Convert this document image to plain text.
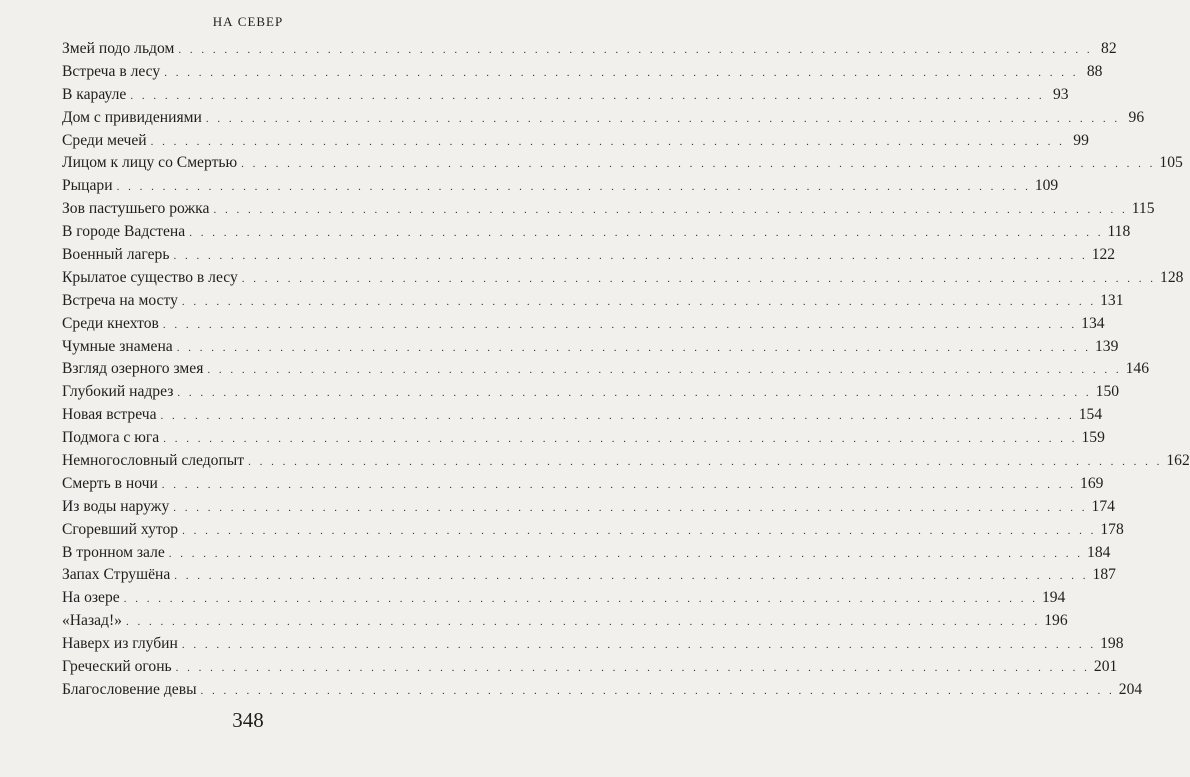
НА СЕВЕР
Змей подо льдом . . . . . . . . . . . . . . . . . . . . . . . . . . . . . . . . . . . . . . . . . . . . . . . . . . . . . . . . . . . . . . . . . . . . . . . . . . . . . . . . 82
Встреча в лесу . . . . . . . . . . . . . . . . . . . . . . . . . . . . . . . . . . . . . . . . . . . . . . . . . . . . . . . . . . . . . . . . . . . . . . . . . . . . . . . . 88
В карауле . . . . . . . . . . . . . . . . . . . . . . . . . . . . . . . . . . . . . . . . . . . . . . . . . . . . . . . . . . . . . . . . . . . . . . . . . . . . . . . . 93
Дом с привидениями . . . . . . . . . . . . . . . . . . . . . . . . . . . . . . . . . . . . . . . . . . . . . . . . . . . . . . . . . . . . . . . . . . . . . . . . . . . . . . . . 96
Среди мечей . . . . . . . . . . . . . . . . . . . . . . . . . . . . . . . . . . . . . . . . . . . . . . . . . . . . . . . . . . . . . . . . . . . . . . . . . . . . . . . . 99
Лицом к лицу со Смертью . . . . . . . . . . . . . . . . . . . . . . . . . . . . . . . . . . . . . . . . . . . . . . . . . . . . . . . . . . . . . . . . . . . . . . . . . . . . . . . . 105
Рыцари . . . . . . . . . . . . . . . . . . . . . . . . . . . . . . . . . . . . . . . . . . . . . . . . . . . . . . . . . . . . . . . . . . . . . . . . . . . . . . . . 109
Зов пастушьего рожка . . . . . . . . . . . . . . . . . . . . . . . . . . . . . . . . . . . . . . . . . . . . . . . . . . . . . . . . . . . . . . . . . . . . . . . . . . . . . . . . 115
В городе Вадстена . . . . . . . . . . . . . . . . . . . . . . . . . . . . . . . . . . . . . . . . . . . . . . . . . . . . . . . . . . . . . . . . . . . . . . . . . . . . . . . . 118
Военный лагерь . . . . . . . . . . . . . . . . . . . . . . . . . . . . . . . . . . . . . . . . . . . . . . . . . . . . . . . . . . . . . . . . . . . . . . . . . . . . . . . . 122
Крылатое существо в лесу . . . . . . . . . . . . . . . . . . . . . . . . . . . . . . . . . . . . . . . . . . . . . . . . . . . . . . . . . . . . . . . . . . . . . . . . . . . . . . . . 128
Встреча на мосту . . . . . . . . . . . . . . . . . . . . . . . . . . . . . . . . . . . . . . . . . . . . . . . . . . . . . . . . . . . . . . . . . . . . . . . . . . . . . . . . 131
Среди кнехтов . . . . . . . . . . . . . . . . . . . . . . . . . . . . . . . . . . . . . . . . . . . . . . . . . . . . . . . . . . . . . . . . . . . . . . . . . . . . . . . . 134
Чумные знамена . . . . . . . . . . . . . . . . . . . . . . . . . . . . . . . . . . . . . . . . . . . . . . . . . . . . . . . . . . . . . . . . . . . . . . . . . . . . . . . . 139
Взгляд озерного змея . . . . . . . . . . . . . . . . . . . . . . . . . . . . . . . . . . . . . . . . . . . . . . . . . . . . . . . . . . . . . . . . . . . . . . . . . . . . . . . . 146
Глубокий надрез . . . . . . . . . . . . . . . . . . . . . . . . . . . . . . . . . . . . . . . . . . . . . . . . . . . . . . . . . . . . . . . . . . . . . . . . . . . . . . . . 150
Новая встреча . . . . . . . . . . . . . . . . . . . . . . . . . . . . . . . . . . . . . . . . . . . . . . . . . . . . . . . . . . . . . . . . . . . . . . . . . . . . . . . . 154
Подмога с юга . . . . . . . . . . . . . . . . . . . . . . . . . . . . . . . . . . . . . . . . . . . . . . . . . . . . . . . . . . . . . . . . . . . . . . . . . . . . . . . . 159
Немногословный следопыт . . . . . . . . . . . . . . . . . . . . . . . . . . . . . . . . . . . . . . . . . . . . . . . . . . . . . . . . . . . . . . . . . . . . . . . . . . . . . . . . 162
Смерть в ночи . . . . . . . . . . . . . . . . . . . . . . . . . . . . . . . . . . . . . . . . . . . . . . . . . . . . . . . . . . . . . . . . . . . . . . . . . . . . . . . . 169
Из воды наружу . . . . . . . . . . . . . . . . . . . . . . . . . . . . . . . . . . . . . . . . . . . . . . . . . . . . . . . . . . . . . . . . . . . . . . . . . . . . . . . . 174
Сгоревший хутор . . . . . . . . . . . . . . . . . . . . . . . . . . . . . . . . . . . . . . . . . . . . . . . . . . . . . . . . . . . . . . . . . . . . . . . . . . . . . . . . 178
В тронном зале . . . . . . . . . . . . . . . . . . . . . . . . . . . . . . . . . . . . . . . . . . . . . . . . . . . . . . . . . . . . . . . . . . . . . . . . . . . . . . . . 184
Запах Струшёна . . . . . . . . . . . . . . . . . . . . . . . . . . . . . . . . . . . . . . . . . . . . . . . . . . . . . . . . . . . . . . . . . . . . . . . . . . . . . . . . 187
На озере . . . . . . . . . . . . . . . . . . . . . . . . . . . . . . . . . . . . . . . . . . . . . . . . . . . . . . . . . . . . . . . . . . . . . . . . . . . . . . . . 194
«Назад!» . . . . . . . . . . . . . . . . . . . . . . . . . . . . . . . . . . . . . . . . . . . . . . . . . . . . . . . . . . . . . . . . . . . . . . . . . . . . . . . . 196
Наверх из глубин . . . . . . . . . . . . . . . . . . . . . . . . . . . . . . . . . . . . . . . . . . . . . . . . . . . . . . . . . . . . . . . . . . . . . . . . . . . . . . . . 198
Греческий огонь . . . . . . . . . . . . . . . . . . . . . . . . . . . . . . . . . . . . . . . . . . . . . . . . . . . . . . . . . . . . . . . . . . . . . . . . . . . . . . . . 201
Благословение девы . . . . . . . . . . . . . . . . . . . . . . . . . . . . . . . . . . . . . . . . . . . . . . . . . . . . . . . . . . . . . . . . . . . . . . . . . . . . . . . . 204
348
